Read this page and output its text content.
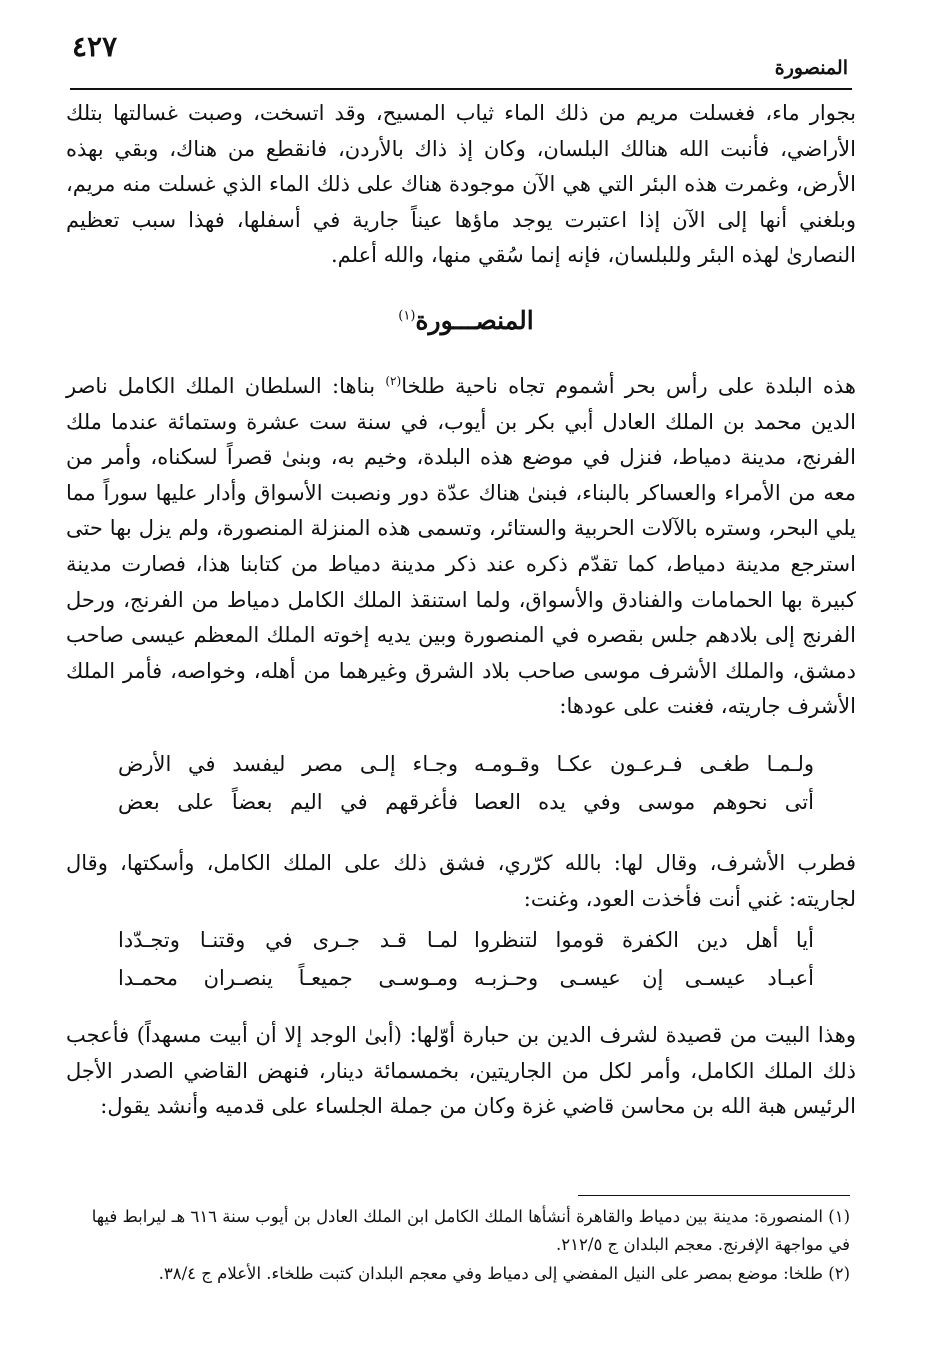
٤٢٧
المنصورة
بجوار ماء، فغسلت مريم من ذلك الماء ثياب المسيح، وقد اتسخت، وصبت غسالتها بتلك الأراضي، فأنبت الله هنالك البلسان، وكان إذ ذاك بالأردن، فانقطع من هناك، وبقي بهذه الأرض، وغمرت هذه البئر التي هي الآن موجودة هناك على ذلك الماء الذي غسلت منه مريم، وبلغني أنها إلى الآن إذا اعتبرت يوجد ماؤها عيناً جارية في أسفلها، فهذا سبب تعظيم النصارىٰ لهذه البئر وللبلسان، فإنه إنما سُقي منها، والله أعلم.
المنصـــورة$^{(١)}$
هذه البلدة على رأس بحر أشموم تجاه ناحية طلخا$^{(٢)}$ بناها: السلطان الملك الكامل ناصر الدين محمد بن الملك العادل أبي بكر بن أيوب، في سنة ست عشرة وستمائة عندما ملك الفرنج، مدينة دمياط، فنزل في موضع هذه البلدة، وخيم به، وبنىٰ قصراً لسكناه، وأمر من معه من الأمراء والعساكر بالبناء، فبنىٰ هناك عدّة دور ونصبت الأسواق وأدار عليها سوراً مما يلي البحر، وستره بالآلات الحربية والستائر، وتسمى هذه المنزلة المنصورة، ولم يزل بها حتى استرجع مدينة دمياط، كما تقدّم ذكره عند ذكر مدينة دمياط من كتابنا هذا، فصارت مدينة كبيرة بها الحمامات والفنادق والأسواق، ولما استنقذ الملك الكامل دمياط من الفرنج، ورحل الفرنج إلى بلادهم جلس بقصره في المنصورة وبين يديه إخوته الملك المعظم عيسى صاحب دمشق، والملك الأشرف موسى صاحب بلاد الشرق وغيرهما من أهله، وخواصه، فأمر الملك الأشرف جاريته، فغنت على عودها:
ولـمـا طغـى فـرعـون عكـا وقـومـه
وجـاء إلـى مصر ليفسد في الأرض
أتى نحوهم موسى وفي يده العصا
فأغرقهم في اليم بعضاً على بعض
فطرب الأشرف، وقال لها: بالله كرّري، فشق ذلك على الملك الكامل، وأسكتها، وقال لجاريته: غني أنت فأخذت العود، وغنت:
أيا أهل دين الكفرة قوموا لتنظروا
لمـا قـد جـرى في وقتنـا وتجـدّدا
أعبـاد عيسـى إن عيسـى وحـزبـه
ومـوسـى جميعـاً ينصـران محمـدا
وهذا البيت من قصيدة لشرف الدين بن حبارة أوّلها: (أبىٰ الوجد إلا أن أبيت مسهداً) فأعجب ذلك الملك الكامل، وأمر لكل من الجاريتين، بخمسمائة دينار، فنهض القاضي الصدر الأجل الرئيس هبة الله بن محاسن قاضي غزة وكان من جملة الجلساء على قدميه وأنشد يقول:
(١) المنصورة: مدينة بين دمياط والقاهرة أنشأها الملك الكامل ابن الملك العادل بن أيوب سنة ٦١٦ هـ ليرابط فيها في مواجهة الإفرنج. معجم البلدان ج ٢١٢/٥.
(٢) طلخا: موضع بمصر على النيل المفضي إلى دمياط وفي معجم البلدان كتبت طلخاء. الأعلام ج ٣٨/٤.
